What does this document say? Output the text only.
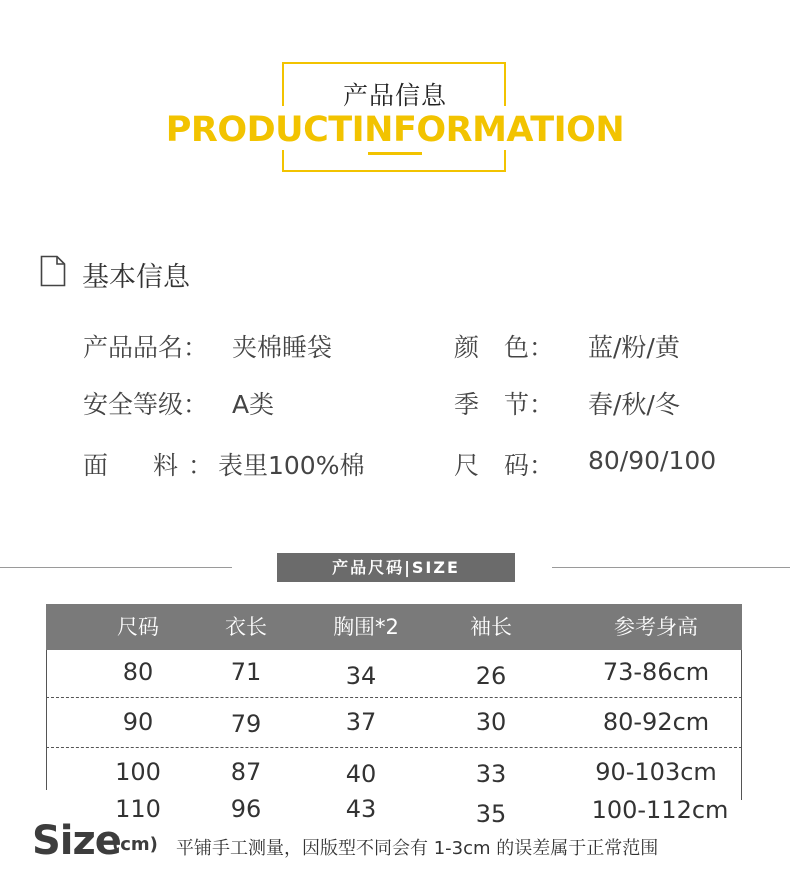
产品信息
PRODUCTINFORMATION
基本信息
产品品名： 夹棉睡袋	颜　色： 蓝/粉/黄
安全等级： A类	季　节： 春/秋/冬
面　料：
表里100%棉	尺　码： 80/90/100
产品尺码|SIZE
尺码	衣长	胸围*2	袖长	参考身高
80	71	34	26	73-86cm
90	79	37	30	80-92cm
100	87	40	33	90-103cm
110	96	43	35	100-112cm
Size
(cm) 平铺手工测量，因版型不同会有 1-3cm 的误差属于正常范围
